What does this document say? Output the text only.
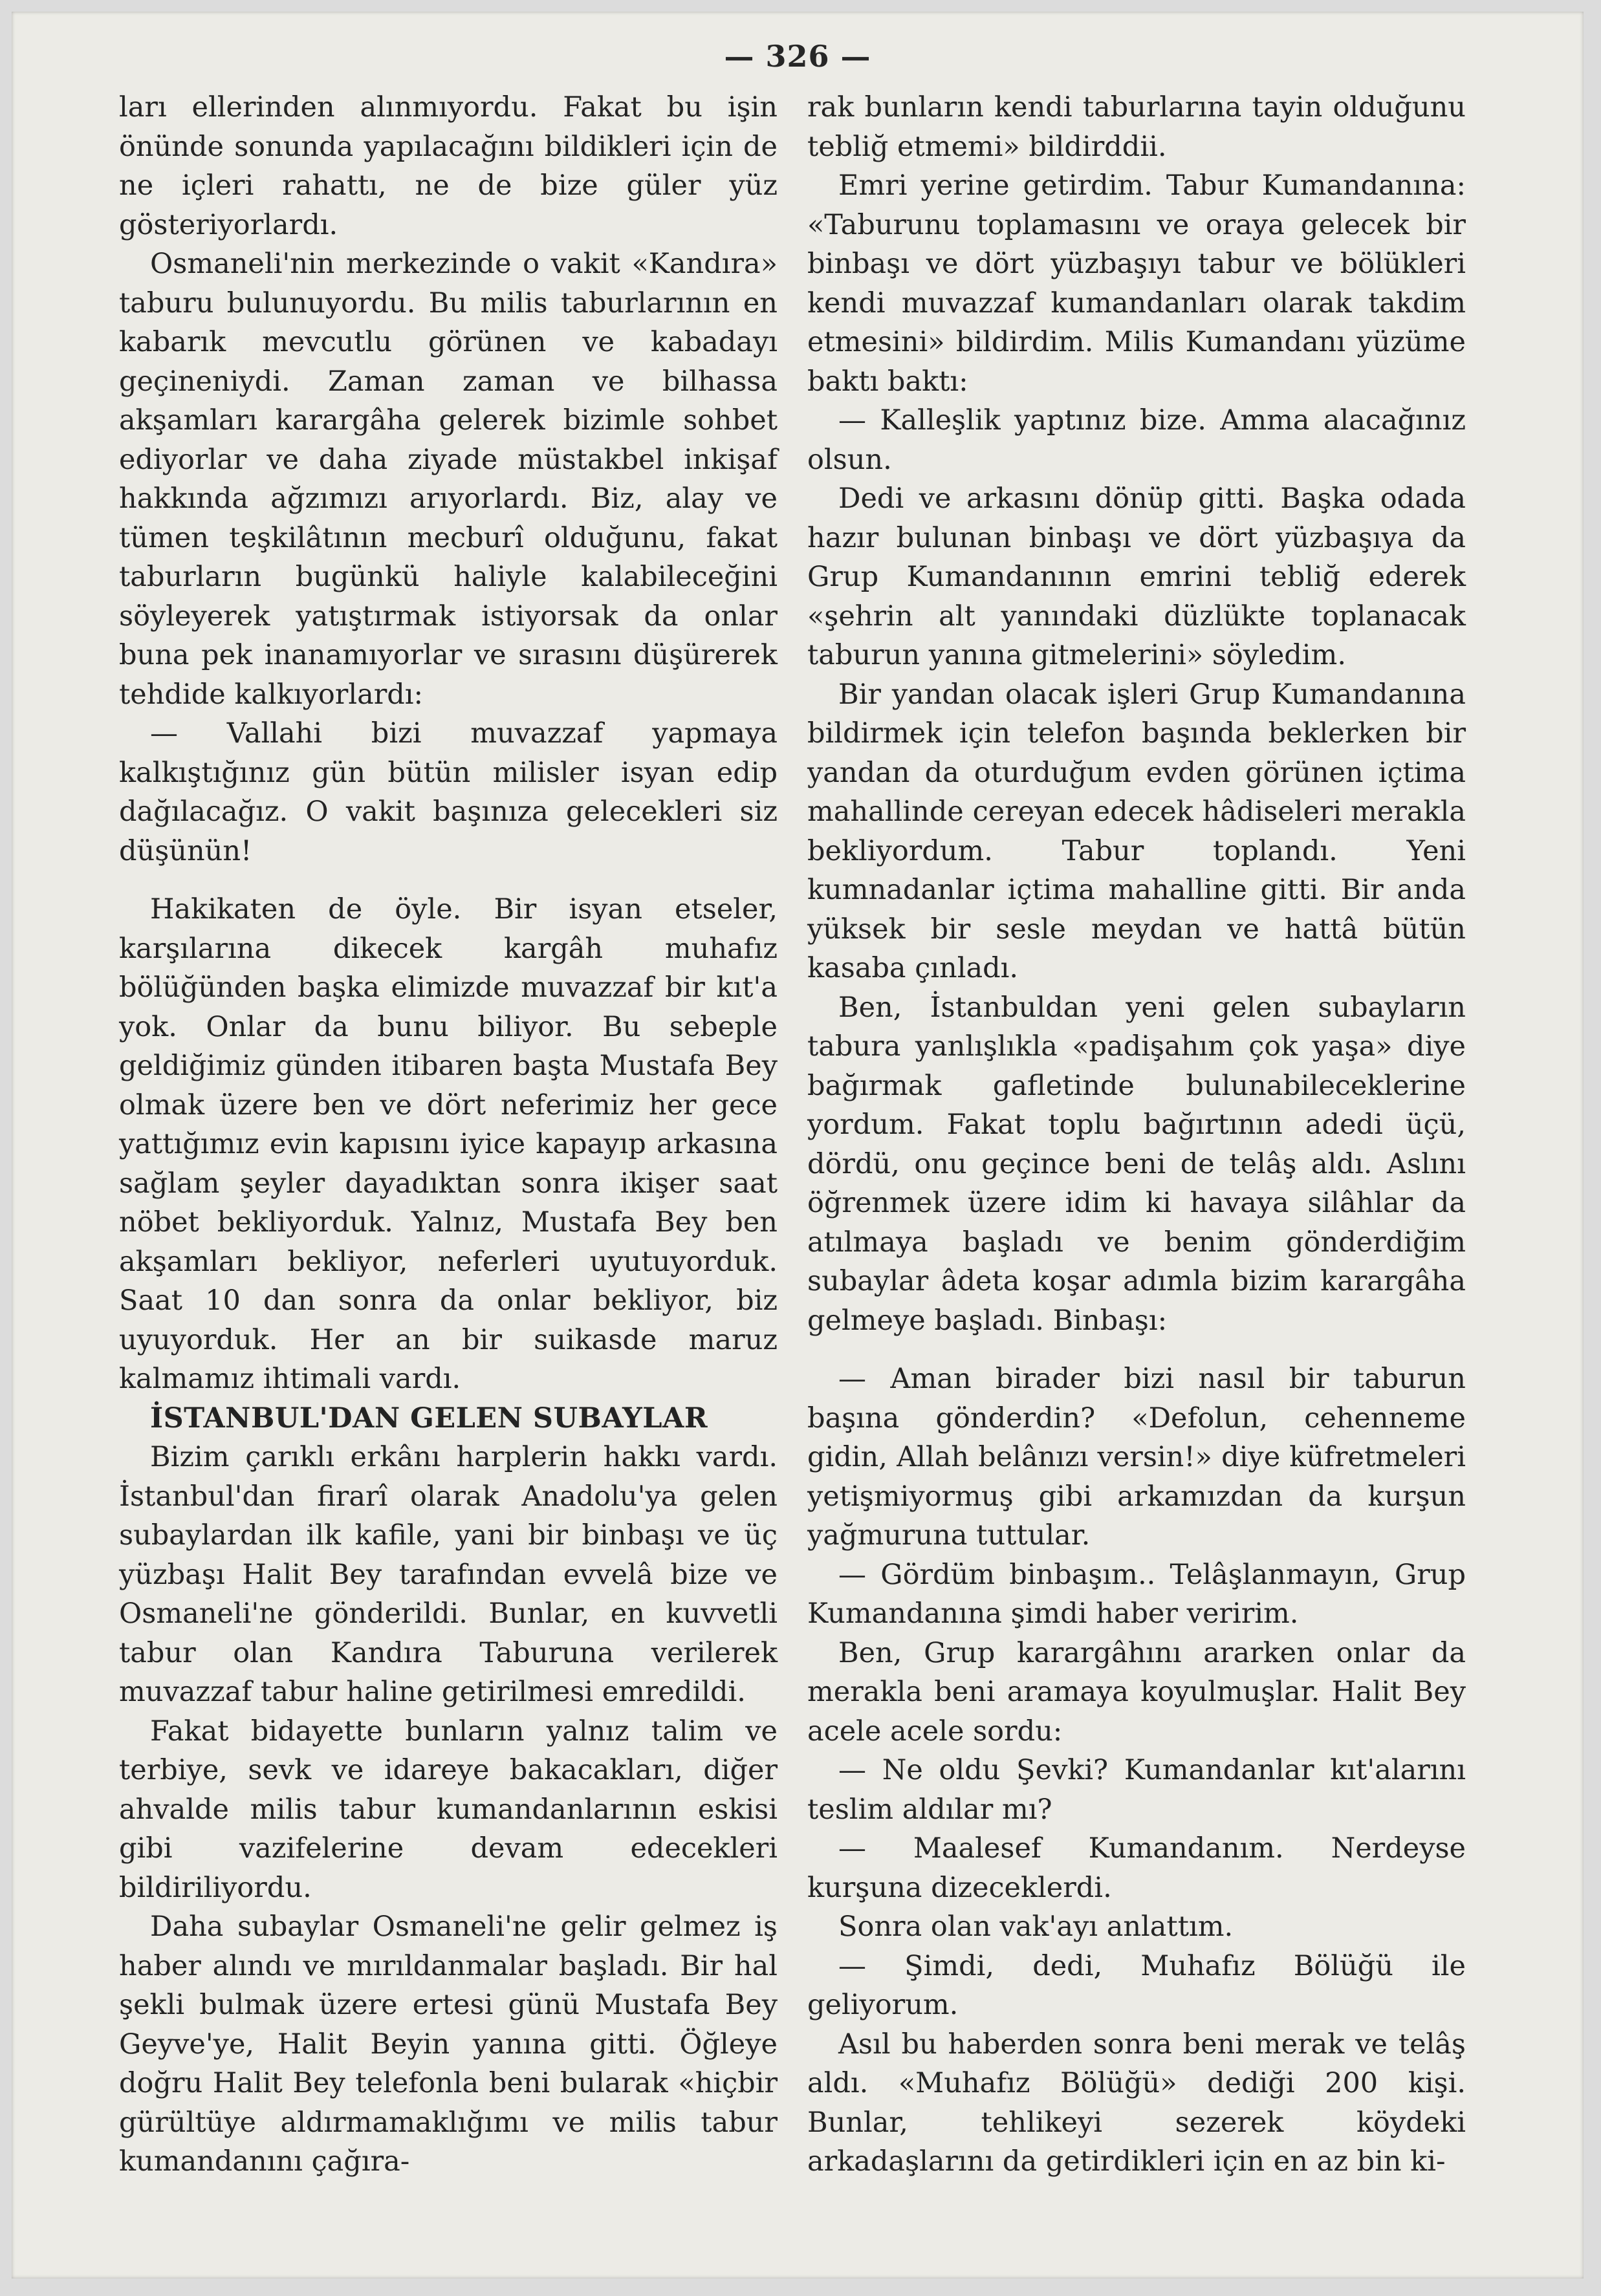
— 326 —

ları ellerinden alınmıyordu. Fakat bu işin önünde sonunda yapılacağını bildikleri için de ne içleri rahattı, ne de bize güler yüz gösteriyorlardı.

Osmaneli'nin merkezinde o vakit «Kandıra» taburu bulunuyordu. Bu milis taburlarının en kabarık mevcutlu görünen ve kabadayı geçineniydi. Zaman zaman ve bilhassa akşamları karargâha gelerek bizimle sohbet ediyorlar ve daha ziyade müstakbel inkişaf hakkında ağzımızı arıyorlardı. Biz, alay ve tümen teşkilâtının mecburî olduğunu, fakat taburların bugünkü haliyle kalabileceğini söyleyerek yatıştırmak istiyorsak da onlar buna pek inanamıyorlar ve sırasını düşürerek tehdide kalkıyorlardı:

— Vallahi bizi muvazzaf yapmaya kalkıştığınız gün bütün milisler isyan edip dağılacağız. O vakit başınıza gelecekleri siz düşünün!

Hakikaten de öyle. Bir isyan etseler, karşılarına dikecek kargâh muhafız bölüğünden başka elimizde muvazzaf bir kıt'a yok. Onlar da bunu biliyor. Bu sebeple geldiğimiz günden itibaren başta Mustafa Bey olmak üzere ben ve dört neferimiz her gece yattığımız evin kapısını iyice kapayıp arkasına sağlam şeyler dayadıktan sonra ikişer saat nöbet bekliyorduk. Yalnız, Mustafa Bey ben akşamları bekliyor, neferleri uyutuyorduk. Saat 10 dan sonra da onlar bekliyor, biz uyuyorduk. Her an bir suikasde maruz kalmamız ihtimali vardı.

İSTANBUL'DAN GELEN SUBAYLAR

Bizim çarıklı erkânı harplerin hakkı vardı. İstanbul'dan firarî olarak Anadolu'ya gelen subaylardan ilk kafile, yani bir binbaşı ve üç yüzbaşı Halit Bey tarafından evvelâ bize ve Osmaneli'ne gönderildi. Bunlar, en kuvvetli tabur olan Kandıra Taburuna verilerek muvazzaf tabur haline getirilmesi emredildi.

Fakat bidayette bunların yalnız talim ve terbiye, sevk ve idareye bakacakları, diğer ahvalde milis tabur kumandanlarının eskisi gibi vazifelerine devam edecekleri bildiriliyordu.

Daha subaylar Osmaneli'ne gelir gelmez iş haber alındı ve mırıldanmalar başladı. Bir hal şekli bulmak üzere ertesi günü Mustafa Bey Geyve'ye, Halit Beyin yanına gitti. Öğleye doğru Halit Bey telefonla beni bularak «hiçbir gürültüye aldırmamaklığımı ve milis tabur kumandanını çağıra-

rak bunların kendi taburlarına tayin olduğunu tebliğ etmemi» bildirddii.

Emri yerine getirdim. Tabur Kumandanına: «Taburunu toplamasını ve oraya gelecek bir binbaşı ve dört yüzbaşıyı tabur ve bölükleri kendi muvazzaf kumandanları olarak takdim etmesini» bildirdim. Milis Kumandanı yüzüme baktı baktı:

— Kalleşlik yaptınız bize. Amma alacağınız olsun.

Dedi ve arkasını dönüp gitti. Başka odada hazır bulunan binbaşı ve dört yüzbaşıya da Grup Kumandanının emrini tebliğ ederek «şehrin alt yanındaki düzlükte toplanacak taburun yanına gitmelerini» söyledim.

Bir yandan olacak işleri Grup Kumandanına bildirmek için telefon başında beklerken bir yandan da oturduğum evden görünen içtima mahallinde cereyan edecek hâdiseleri merakla bekliyordum. Tabur toplandı. Yeni kumnadanlar içtima mahalline gitti. Bir anda yüksek bir sesle meydan ve hattâ bütün kasaba çınladı.

Ben, İstanbuldan yeni gelen subayların tabura yanlışlıkla «padişahım çok yaşa» diye bağırmak gafletinde bulunabileceklerine yordum. Fakat toplu bağırtının adedi üçü, dördü, onu geçince beni de telâş aldı. Aslını öğrenmek üzere idim ki havaya silâhlar da atılmaya başladı ve benim gönderdiğim subaylar âdeta koşar adımla bizim karargâha gelmeye başladı. Binbaşı:

— Aman birader bizi nasıl bir taburun başına gönderdin? «Defolun, cehenneme gidin, Allah belânızı versin!» diye küfretmeleri yetişmiyormuş gibi arkamızdan da kurşun yağmuruna tuttular.

— Gördüm binbaşım.. Telâşlanmayın, Grup Kumandanına şimdi haber veririm.

Ben, Grup karargâhını ararken onlar da merakla beni aramaya koyulmuşlar. Halit Bey acele acele sordu:

— Ne oldu Şevki? Kumandanlar kıt'alarını teslim aldılar mı?

— Maalesef Kumandanım. Nerdeyse kurşuna dizeceklerdi.

Sonra olan vak'ayı anlattım.

— Şimdi, dedi, Muhafız Bölüğü ile geliyorum.

Asıl bu haberden sonra beni merak ve telâş aldı. «Muhafız Bölüğü» dediği 200 kişi. Bunlar, tehlikeyi sezerek köydeki arkadaşlarını da getirdikleri için en az bin ki-
